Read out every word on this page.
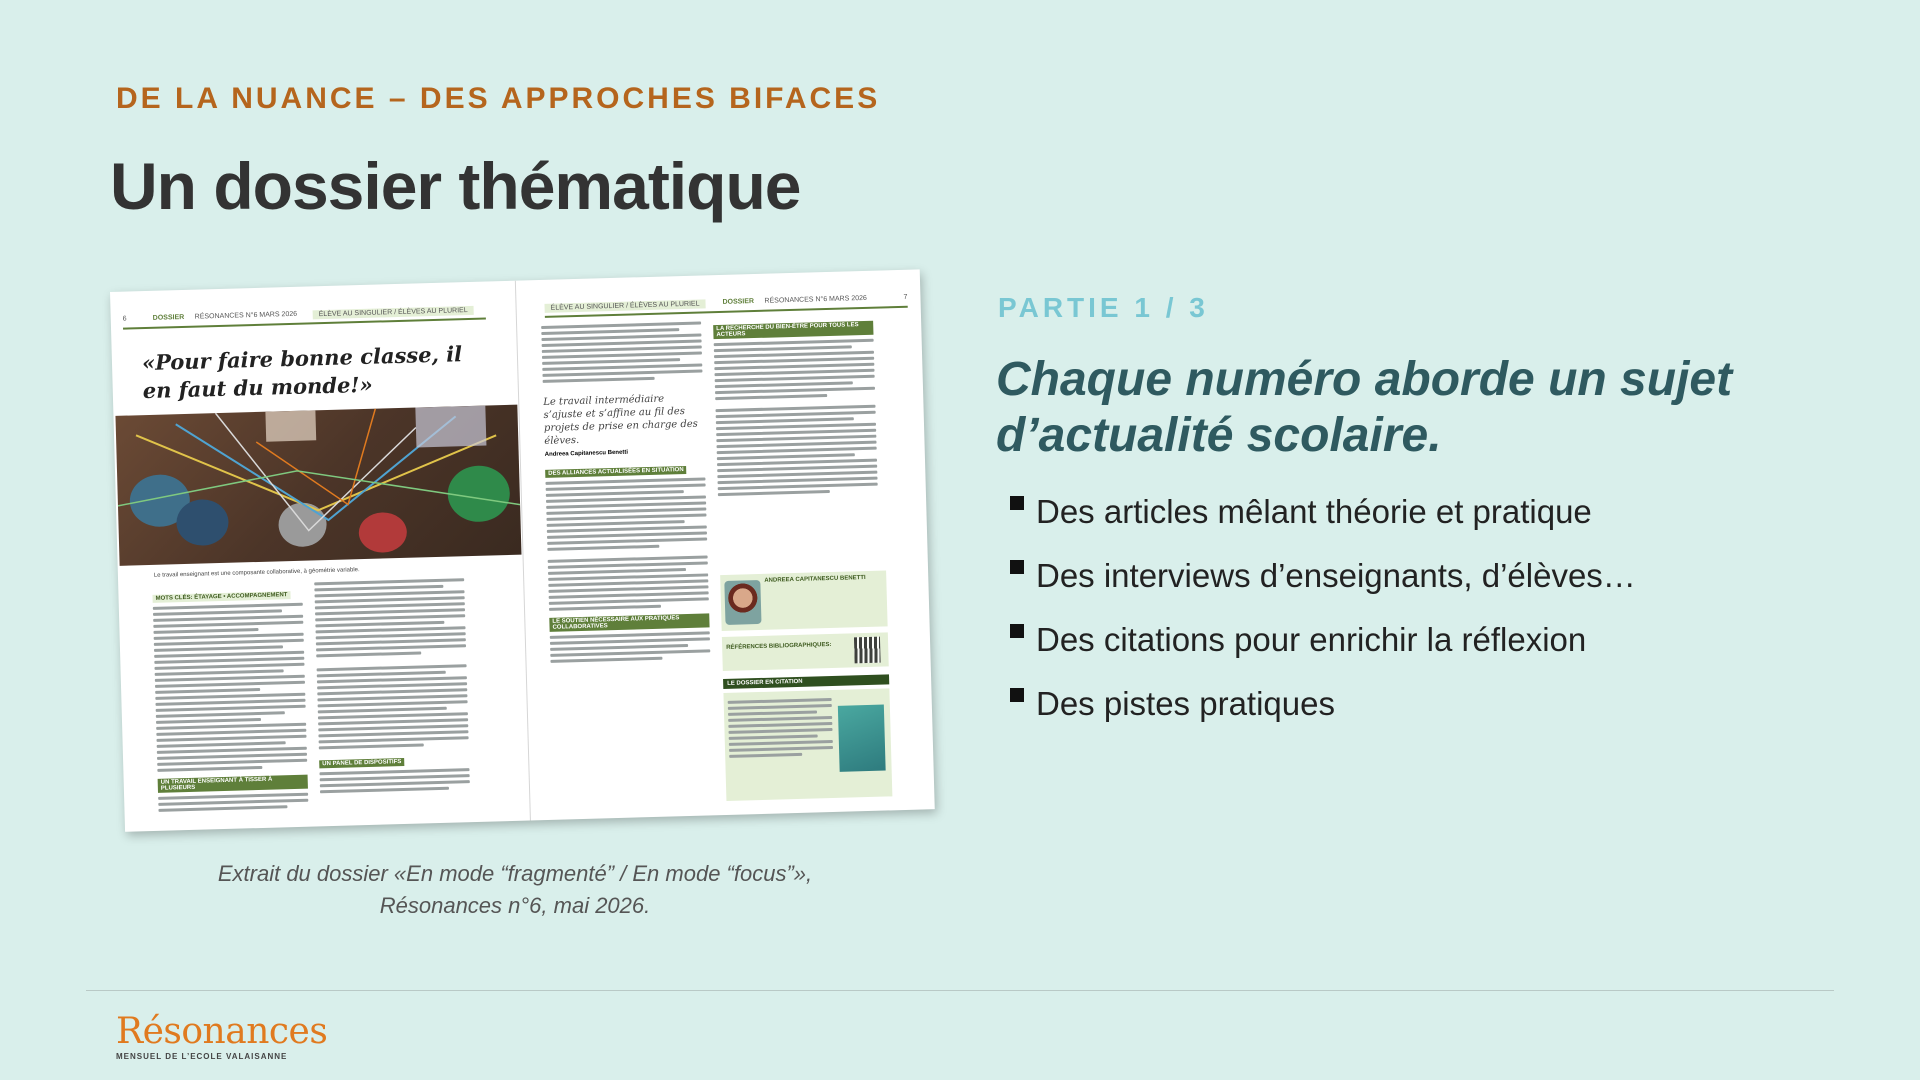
DE LA NUANCE – DES APPROCHES BIFACES
Un dossier thématique
6	DOSSIER RÉSONANCES N°6 MARS 2026	ÉLÈVE AU SINGULIER / ÉLÈVES AU PLURIEL
«Pour faire bonne classe, il en faut du monde!»
Le travail enseignant est une composante collaborative, à géométrie variable.
MOTS CLÉS: ÉTAYAGE • ACCOMPAGNEMENT
UN TRAVAIL ENSEIGNANT À TISSER À PLUSIEURS
UN PANEL DE DISPOSITIFS
ÉLÈVE AU SINGULIER / ÉLÈVES AU PLURIEL	DOSSIER RÉSONANCES N°6 MARS 2026	7
Le travail intermédiaire s’ajuste et s’affine au fil des projets de prise en charge des élèves.
Andreea Capitanescu Benetti
DES ALLIANCES ACTUALISÉES EN SITUATION
LE SOUTIEN NÉCESSAIRE AUX PRATIQUES COLLABORATIVES
LA RECHERCHE DU BIEN-ÊTRE POUR TOUS LES ACTEURS
ANDREEA CAPITANESCU BENETTI
RÉFÉRENCES BIBLIOGRAPHIQUES:
LE DOSSIER EN CITATION
Extrait du dossier «En mode “fragmenté” / En mode “focus”»,
Résonances n°6, mai 2026.
PARTIE 1 / 3
Chaque numéro aborde un sujet d’actualité scolaire.
Des articles mêlant théorie et pratique
Des interviews d’enseignants, d’élèves…
Des citations pour enrichir la réflexion
Des pistes pratiques
Résonances
MENSUEL DE L’ECOLE VALAISANNE
